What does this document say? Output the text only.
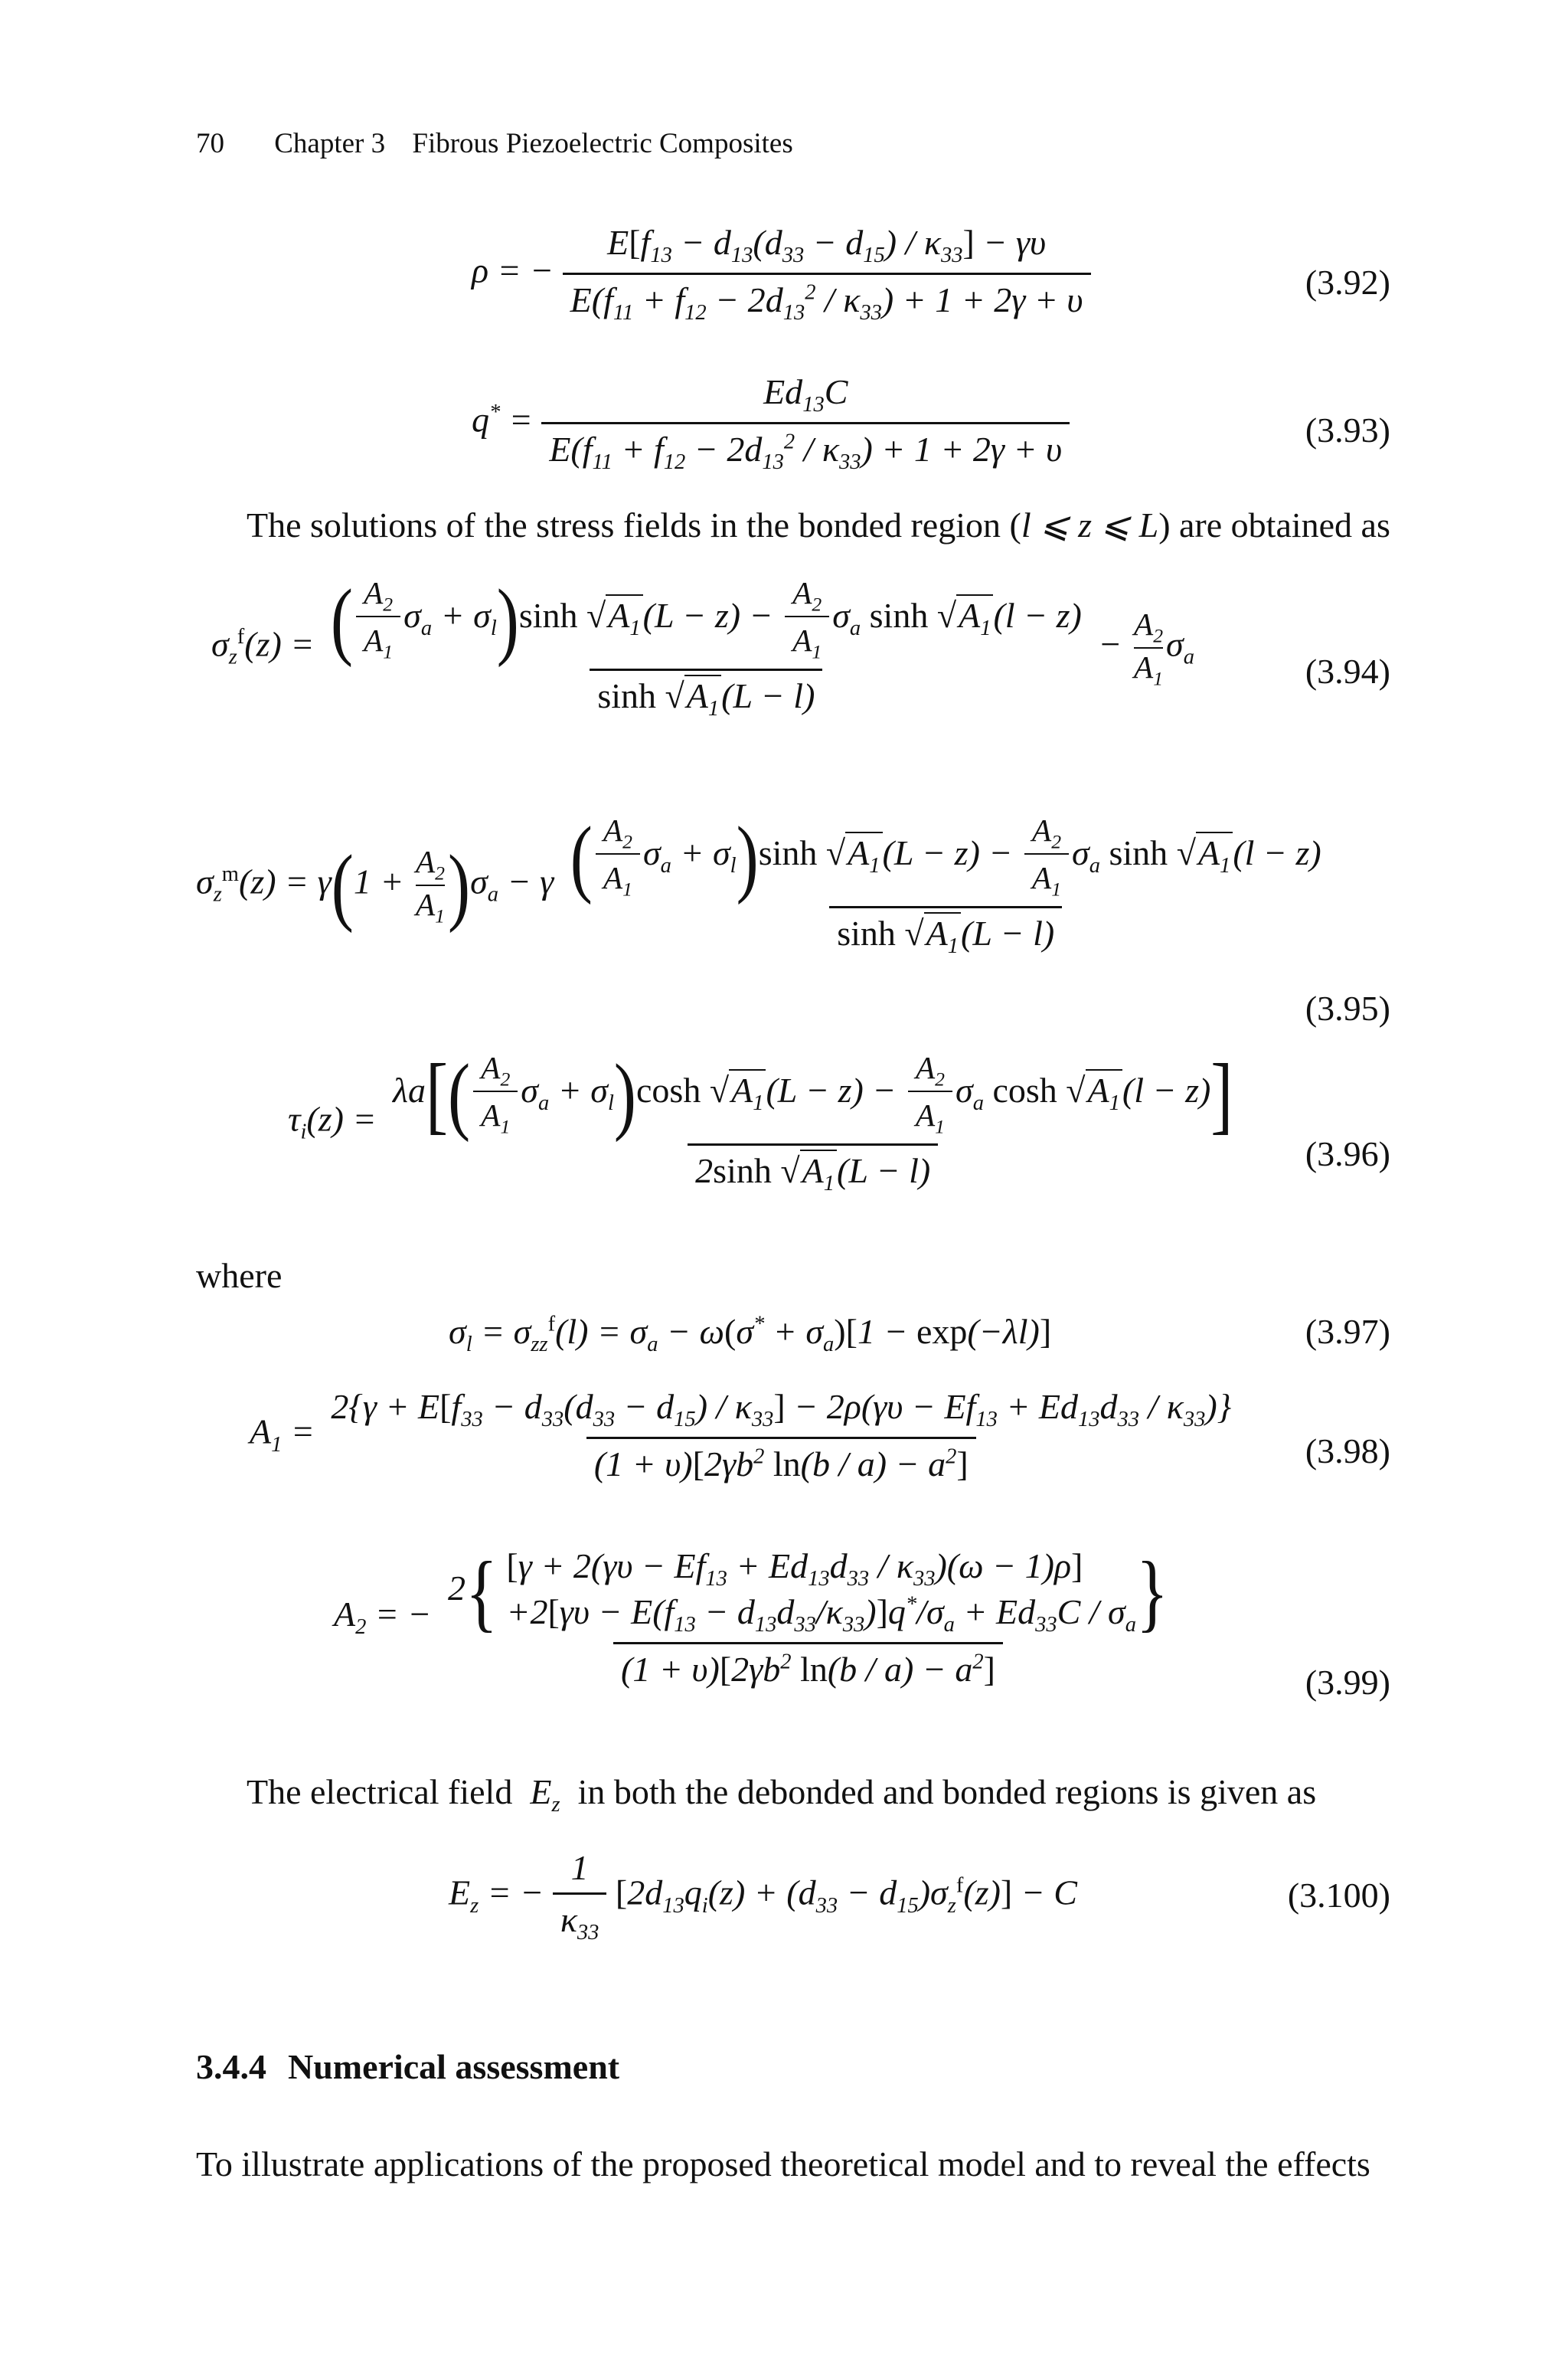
70 Chapter 3 Fibrous Piezoelectric Composites
ρ = − $\frac{E[f_{13} - d_{13}(d_{33} - d_{15}) / \kappa_{33}] - \gamma\upsilon}{E(f_{11} + f_{12} - 2d_{13}^2 / \kappa_{33}) + 1 + 2\gamma + \upsilon}$	(3.92)
$q^* = \frac{Ed_{13}C}{E(f_{11} + f_{12} - 2d_{13}^2 / \kappa_{33}) + 1 + 2\gamma + \upsilon}$	(3.93)
The solutions of the stress fields in the bonded region (l ⩽ z ⩽ L) are obtained as
$\sigma_z^f(z) = \frac{( \frac{A_2}{A_1} \sigma_a + \sigma_l)\sinh √A_1(L - z) - \frac{A_2}{A_1} \sigma_a \sinh √A_1(l - z)}{\sinh √A_1(L - l)} - \frac{A_2}{A_1} \sigma_a$	(3.94)
$\sigma_z^m(z) = \gamma(1 + \frac{A_2}{A_1} )\sigma_a - \gamma \frac{( \frac{A_2}{A_1} \sigma_a + \sigma_l)\sinh √A_1(L - z) - \frac{A_2}{A_1} \sigma_a \sinh √A_1(l - z)}{\sinh √A_1(L - l)}$
(3.95)
$\tau_i(z) = \frac{\lambda a[( \frac{A_2}{A_1} \sigma_a + \sigma_l)\cosh √A_1(L - z) - \frac{A_2}{A_1} \sigma_a \cosh √A_1(l - z)]}{2\sinh √A_1(L - l)} (3.96)$
where
$\sigma_l = \sigma_{zz}^f(l) = \sigma_a - \omega(\sigma^* + \sigma_a)[1 - \exp(-\lambda l)]$	(3.97)
$A_1$ =
$2\{\gamma + E[f_{33} - d_{33}(d_{33} - d_{15}) / \kappa_{33}] - 2\rho(\gamma\upsilon - Ef_{13} + Ed_{13}d_{33} / \kappa_{33})\}$
$(1 + \upsilon)[2\gamma b^2$ $\ln(b / a) - a^2$]	(3.98)
$A_2$ = −
2{ $[\gamma + 2(\gamma\upsilon - Ef_{13} + Ed_{13}d_{33} / \kappa_{33})(\omega - 1)\rho]$
$+2[\gamma\upsilon - E(f_{13} - d_{13}d_{33}/\kappa_{33})]q^*/\sigma_a + Ed_{33}C / \sigma_a$ }
$(1 + \upsilon)[2\gamma b^2$ $\ln(b / a) - a^2$]	(3.99)
The electrical field $E_z$ in both the debonded and bonded regions is given as
$E_z$ = − $\frac{1}{\kappa_{33}} [2d_{13}q_i(z) + (d_{33} - d_{15})\sigma_z^f(z)] - C$	(3.100)
3.4.4 Numerical assessment
To illustrate applications of the proposed theoretical model and to reveal the effects
